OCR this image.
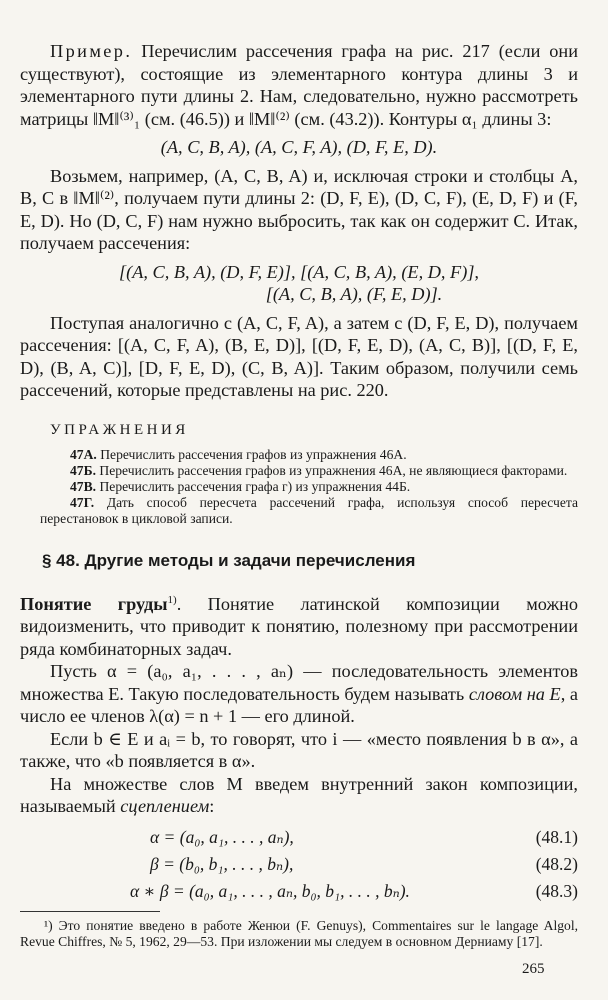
Пример. Перечислим рассечения графа на рис. 217 (если они существуют), состоящие из элементарного контура длины 3 и элементарного пути длины 2. Нам, следовательно, нужно рассмотреть матрицы ‖M‖⁽³⁾₁ (см. (46.5)) и ‖M‖⁽²⁾ (см. (43.2)). Контуры α₁ длины 3:

(A, C, B, A), (A, C, F, A), (D, F, E, D).

Возьмем, например, (A, C, B, A) и, исключая строки и столбцы A, B, C в ‖M‖⁽²⁾, получаем пути длины 2: (D, F, E), (D, C, F), (E, D, F) и (F, E, D). Но (D, C, F) нам нужно выбросить, так как он содержит C. Итак, получаем рассечения:

[(A, C, B, A), (D, F, E)], [(A, C, B, A), (E, D, F)],

[(A, C, B, A), (F, E, D)].

Поступая аналогично с (A, C, F, A), а затем с (D, F, E, D), получаем рассечения: [(A, C, F, A), (B, E, D)], [(D, F, E, D), (A, C, B)], [(D, F, E, D), (B, A, C)], [D, F, E, D), (C, B, A)]. Таким образом, получили семь рассечений, которые представлены на рис. 220.

УПРАЖНЕНИЯ

47А. Перечислить рассечения графов из упражнения 46А.

47Б. Перечислить рассечения графов из упражнения 46А, не являющиеся факторами.

47В. Перечислить рассечения графа г) из упражнения 44Б.

47Г. Дать способ пересчета рассечений графа, используя способ пересчета перестановок в цикловой записи.

§ 48. Другие методы и задачи перечисления

Понятие груды$^{1)}$. Понятие латинской композиции можно видоизменить, что приводит к понятию, полезному при рассмотрении ряда комбинаторных задач.

Пусть α = (a₀, a₁, . . . , aₙ) — последовательность элементов множества E. Такую последовательность будем называть словом на E, а число ее членов λ(α) = n + 1 — его длиной.

Если b ∈ E и aᵢ = b, то говорят, что i — «место появления b в α», а также, что «b появляется в α».

На множестве слов M введем внутренний закон композиции, называемый сцеплением:

α = (a₀, a₁, . . . , aₙ),	(48.1)
β = (b₀, b₁, . . . , bₙ),	(48.2)
α ∗ β = (a₀, a₁, . . . , aₙ, b₀, b₁, . . . , bₙ).	(48.3)

¹) Это понятие введено в работе Женюи (F. Genuys), Commentaires sur le langage Algol, Revue Chiffres, № 5, 1962, 29—53. При изложении мы следуем в основном Дерниаму [17].

265
